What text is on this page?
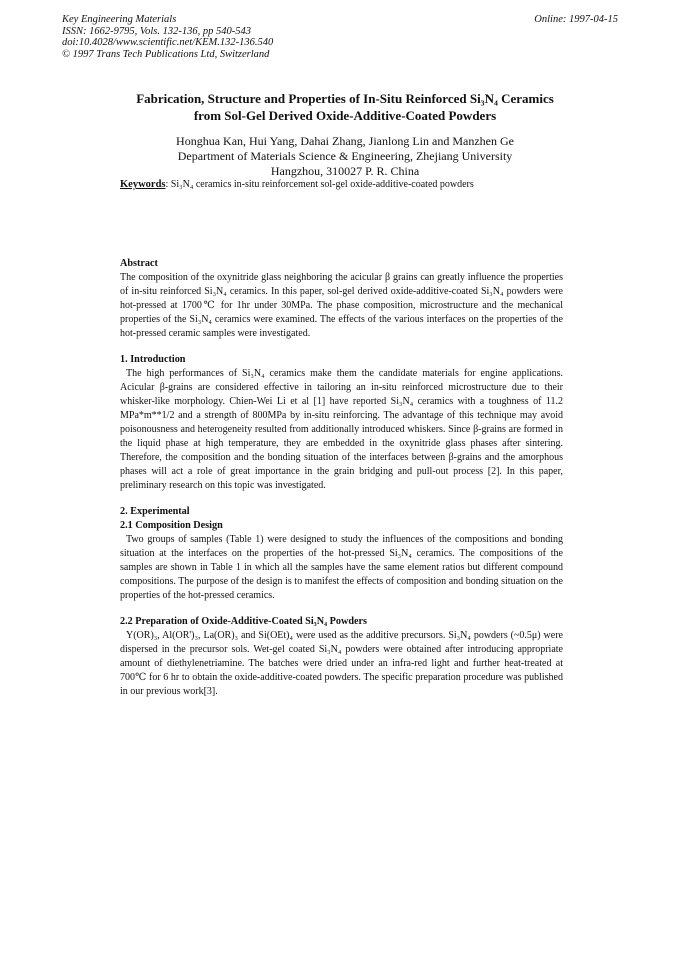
Key Engineering Materials
ISSN: 1662-9795, Vols. 132-136, pp 540-543
doi:10.4028/www.scientific.net/KEM.132-136.540
© 1997 Trans Tech Publications Ltd, Switzerland
Online: 1997-04-15
Fabrication, Structure and Properties of In-Situ Reinforced Si₃N₄ Ceramics
from Sol-Gel Derived Oxide-Additive-Coated Powders
Honghua Kan, Hui Yang, Dahai Zhang, Jianlong Lin and Manzhen Ge
Department of Materials Science & Engineering, Zhejiang University
Hangzhou, 310027 P. R. China
Keywords: Si₃N₄ ceramics in-situ reinforcement sol-gel oxide-additive-coated powders
Abstract

The composition of the oxynitride glass neighboring the acicular β grains can greatly influence the properties of in-situ reinforced Si₃N₄ ceramics. In this paper, sol-gel derived oxide-additive-coated Si₃N₄ powders were hot-pressed at 1700℃ for 1hr under 30MPa. The phase composition, microstructure and the mechanical properties of the Si₃N₄ ceramics were examined. The effects of the various interfaces on the properties of the hot-pressed ceramic samples were investigated.

1. Introduction

The high performances of Si₃N₄ ceramics make them the candidate materials for engine applications. Acicular β-grains are considered effective in tailoring an in-situ reinforced microstructure due to their whisker-like morphology. Chien-Wei Li et al [1] have reported Si₃N₄ ceramics with a toughness of 11.2 MPa*m**1/2 and a strength of 800MPa by in-situ reinforcing. The advantage of this technique may avoid poisonousness and heterogeneity resulted from additionally introduced whiskers. Since β-grains are formed in the liquid phase at high temperature, they are embedded in the oxynitride glass phases after sintering. Therefore, the composition and the bonding situation of the interfaces between β-grains and the amorphous phases will act a role of great importance in the grain bridging and pull-out process [2]. In this paper, preliminary research on this topic was investigated.

2. Experimental
2.1 Composition Design

Two groups of samples (Table 1) were designed to study the influences of the compositions and bonding situation at the interfaces on the properties of the hot-pressed Si₃N₄ ceramics. The compositions of the samples are shown in Table 1 in which all the samples have the same element ratios but different compound compositions. The purpose of the design is to manifest the effects of composition and bonding situation on the properties of the hot-pressed ceramics.

2.2 Preparation of Oxide-Additive-Coated Si₃N₄ Powders

Y(OR)₃, Al(OR')₃, La(OR)₃ and Si(OEt)₄ were used as the additive precursors. Si₃N₄ powders (~0.5μ) were dispersed in the precursor sols. Wet-gel coated Si₃N₄ powders were obtained after introducing appropriate amount of diethylenetriamine. The batches were dried under an infra-red light and further heat-treated at 700℃ for 6 hr to obtain the oxide-additive-coated powders. The specific preparation procedure was published in our previous work[3].
